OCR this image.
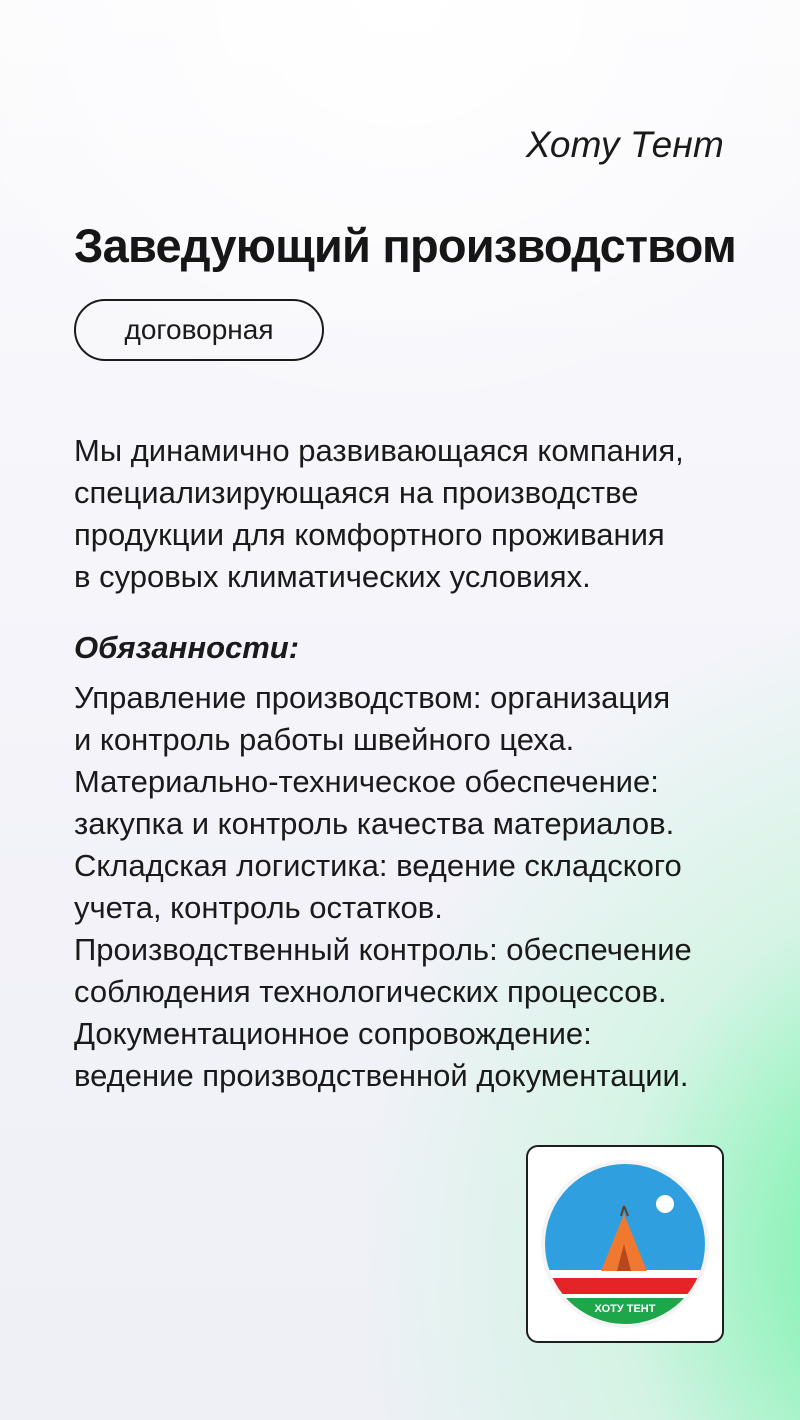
Хоту Тент
Заведующий производством
договорная
Мы динамично развивающаяся компания,
специализирующаяся на производстве
продукции для комфортного проживания
в суровых климатических условиях.
Обязанности:
Управление производством: организация
и контроль работы швейного цеха.
Материально-техническое обеспечение:
закупка и контроль качества материалов.
Складская логистика: ведение складского
учета, контроль остатков.
Производственный контроль: обеспечение
соблюдения технологических процессов.
Документационное сопровождение:
ведение производственной документации.
ХОТУ ТЕНТ
